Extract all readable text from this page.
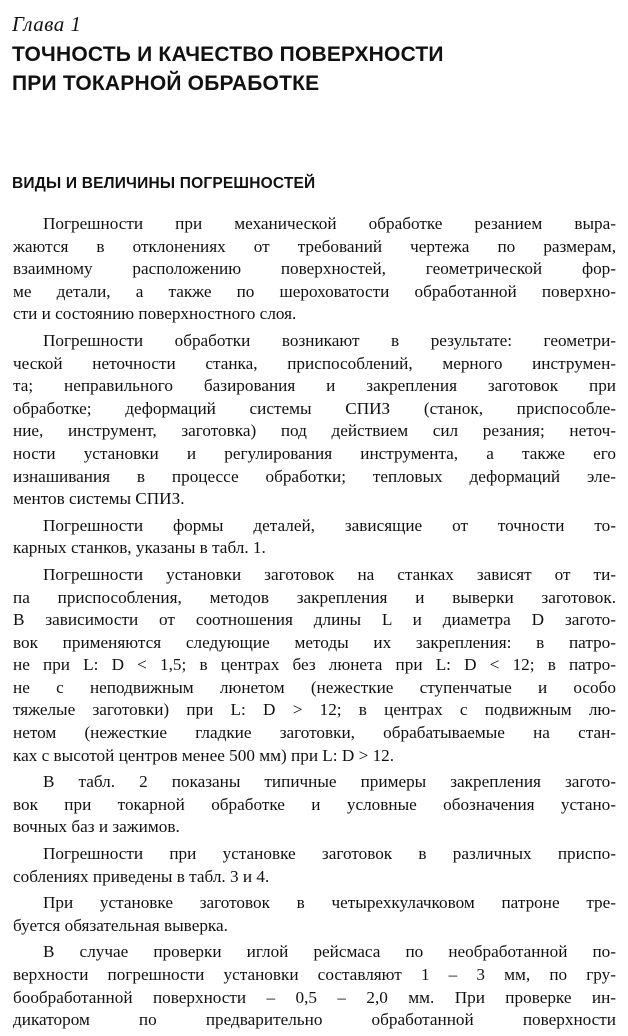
Глава 1
ТОЧНОСТЬ И КАЧЕСТВО ПОВЕРХНОСТИ
ПРИ ТОКАРНОЙ ОБРАБОТКЕ
ВИДЫ И ВЕЛИЧИНЫ ПОГРЕШНОСТЕЙ
Погрешности при механической обработке резанием выра-
жаются в отклонениях от требований чертежа по размерам,
взаимному расположению поверхностей, геометрической фор-
ме детали, а также по шероховатости обработанной поверхно-
сти и состоянию поверхностного слоя.
Погрешности обработки возникают в результате: геометри-
ческой неточности станка, приспособлений, мерного инструмен-
та; неправильного базирования и закрепления заготовок при
обработке; деформаций системы СПИЗ (станок, приспособле-
ние, инструмент, заготовка) под действием сил резания; неточ-
ности установки и регулирования инструмента, а также его
изнашивания в процессе обработки; тепловых деформаций эле-
ментов системы СПИЗ.
Погрешности формы деталей, зависящие от точности то-
карных станков, указаны в табл. 1.
Погрешности установки заготовок на станках зависят от ти-
па приспособления, методов закрепления и выверки заготовок.
В зависимости от соотношения длины L и диаметра D загото-
вок применяются следующие методы их закрепления: в патро-
не при L: D < 1,5; в центрах без люнета при L: D < 12; в патро-
не с неподвижным люнетом (нежесткие ступенчатые и особо
тяжелые заготовки) при L: D > 12; в центрах с подвижным лю-
нетом (нежесткие гладкие заготовки, обрабатываемые на стан-
ках с высотой центров менее 500 мм) при L: D > 12.
В табл. 2 показаны типичные примеры закрепления загото-
вок при токарной обработке и условные обозначения устано-
вочных баз и зажимов.
Погрешности при установке заготовок в различных приспо-
соблениях приведены в табл. 3 и 4.
При установке заготовок в четырехкулачковом патроне тре-
буется обязательная выверка.
В случае проверки иглой рейсмаса по необработанной по-
верхности погрешности установки составляют 1 – 3 мм, по гру-
бообработанной поверхности – 0,5 – 2,0 мм. При проверке ин-
дикатором по предварительно обработанной поверхности
